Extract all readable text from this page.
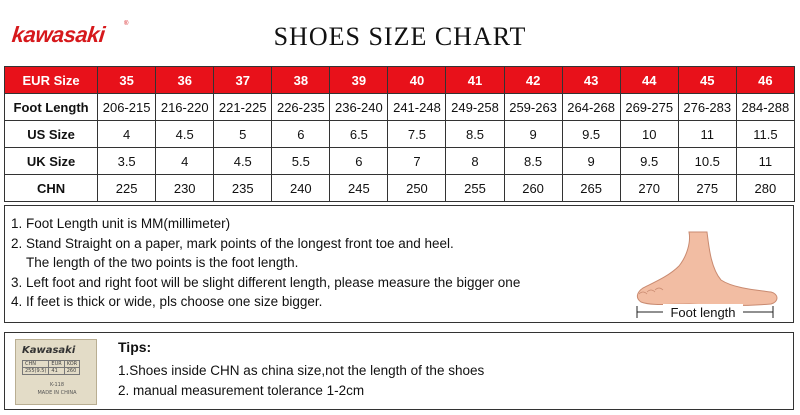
kawasaki	®	SHOES SIZE CHART
EUR Size	35	36	37	38	39	40	41	42	43	44	45	46
Foot Length	206-215	216-220	221-225	226-235	236-240	241-248	249-258	259-263	264-268	269-275	276-283	284-288
US Size	4	4.5	5	6	6.5	7.5	8.5	9	9.5	10	11	11.5
UK Size	3.5	4	4.5	5.5	6	7	8	8.5	9	9.5	10.5	11
CHN	225	230	235	240	245	250	255	260	265	270	275	280
1. Foot Length unit is MM(millimeter)
2. Stand Straight on a paper, mark points of the longest front toe and heel.
The length of the two points is the foot length.
3. Left foot and right foot will be slight different length, please measure the bigger one
4. If feet is thick or wide, pls choose one size bigger.
Foot length
Kawasaki
CHN	EUR	KOR
255(9.5)	41	260
K-118
MADE IN CHINA
Tips:
1.Shoes inside CHN as china size,not the length of the shoes
2. manual measurement tolerance 1-2cm
